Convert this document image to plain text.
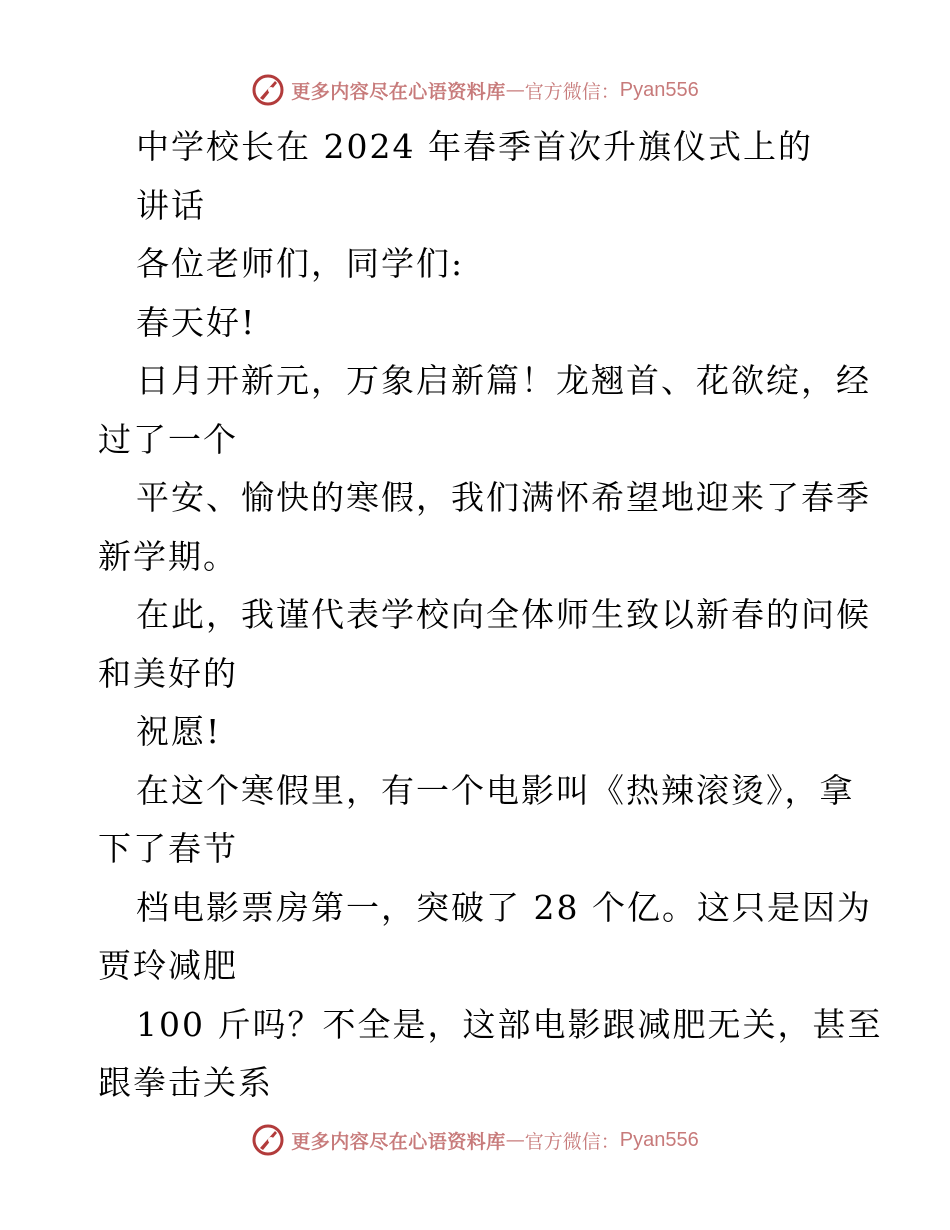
更多内容尽在心语资料库 — 官方微信： Pyan556
中学校长在 2024 年春季首次升旗仪式上的
讲话
各位老师们，同学们:
春天好!
日月开新元，万象启新篇！龙翘首、花欲绽，经
过了一个
平安、愉快的寒假，我们满怀希望地迎来了春季
新学期。
在此，我谨代表学校向全体师生致以新春的问候
和美好的
祝愿!
在这个寒假里，有一个电影叫《热辣滚烫》，拿
下了春节
档电影票房第一，突破了 28 个亿。这只是因为
贾玲减肥
100 斤吗？不全是，这部电影跟减肥无关，甚至
跟拳击关系
更多内容尽在心语资料库 — 官方微信： Pyan556
